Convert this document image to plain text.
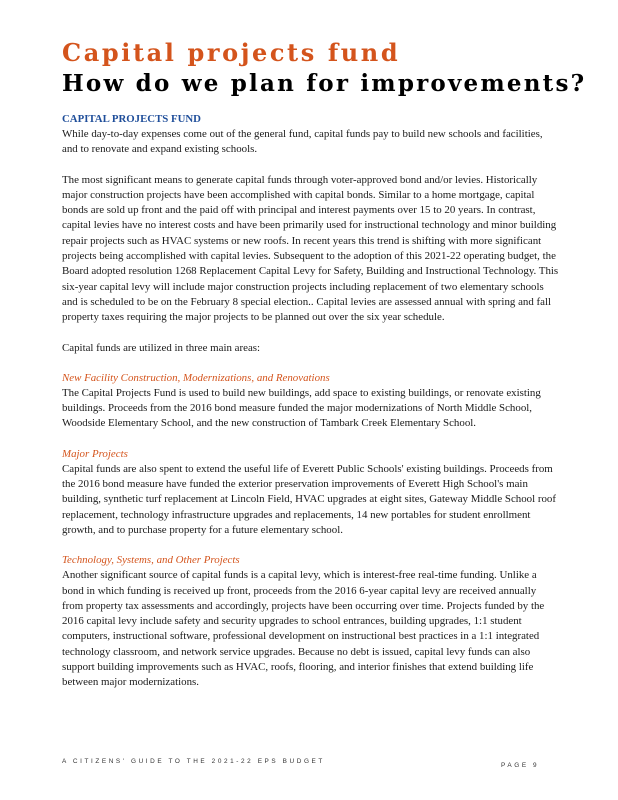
Capital projects fund
How do we plan for improvements?

CAPITAL PROJECTS FUND

While day-to-day expenses come out of the general fund, capital funds pay to build new schools and facilities, and to renovate and expand existing schools.

The most significant means to generate capital funds through voter-approved bond and/or levies. Historically major construction projects have been accomplished with capital bonds. Similar to a home mortgage, capital bonds are sold up front and the paid off with principal and interest payments over 15 to 20 years. In contrast, capital levies have no interest costs and have been primarily used for instructional technology and minor building repair projects such as HVAC systems or new roofs. In recent years this trend is shifting with more significant projects being accomplished with capital levies. Subsequent to the adoption of this 2021-22 operating budget, the Board adopted resolution 1268 Replacement Capital Levy for Safety, Building and Instructional Technology. This six-year capital levy will include major construction projects including replacement of two elementary schools and is scheduled to be on the February 8 special election.. Capital levies are assessed annual with spring and fall property taxes requiring the major projects to be planned out over the six year schedule.

Capital funds are utilized in three main areas:

New Facility Construction, Modernizations, and Renovations

The Capital Projects Fund is used to build new buildings, add space to existing buildings, or renovate existing buildings. Proceeds from the 2016 bond measure funded the major modernizations of North Middle School, Woodside Elementary School, and the new construction of Tambark Creek Elementary School.

Major Projects

Capital funds are also spent to extend the useful life of Everett Public Schools' existing buildings. Proceeds from the 2016 bond measure have funded the exterior preservation improvements of Everett High School's main building, synthetic turf replacement at Lincoln Field, HVAC upgrades at eight sites, Gateway Middle School roof replacement, technology infrastructure upgrades and replacements, 14 new portables for student enrollment growth, and to purchase property for a future elementary school.

Technology, Systems, and Other Projects

Another significant source of capital funds is a capital levy, which is interest-free real-time funding. Unlike a bond in which funding is received up front, proceeds from the 2016 6-year capital levy are received annually from property tax assessments and accordingly, projects have been occurring over time. Projects funded by the 2016 capital levy include safety and security upgrades to school entrances, building upgrades, 1:1 student computers, instructional software, professional development on instructional best practices in a 1:1 integrated technology classroom, and network service upgrades. Because no debt is issued, capital levy funds can also support building improvements such as HVAC, roofs, flooring, and interior finishes that extend building life between major modernizations.

A CITIZENS' GUIDE TO THE 2021-22 EPS BUDGET
PAGE 9
